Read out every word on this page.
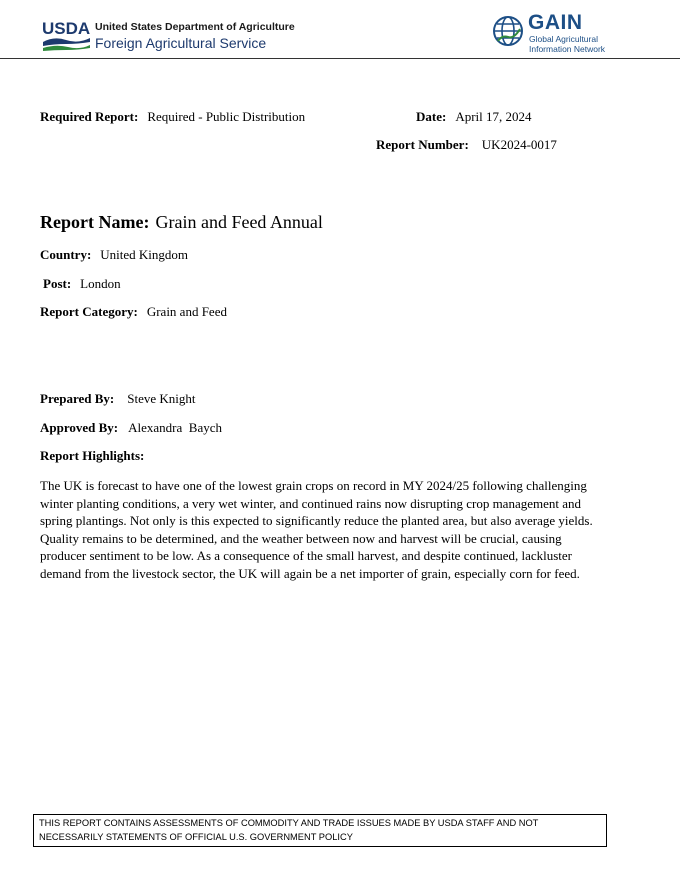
USDA United States Department of Agriculture
Foreign Agricultural Service
GAIN
Global Agricultural
Information Network
Required Report: Required - Public Distribution	Date: April 17, 2024
Report Number: UK2024-0017
Report Name: Grain and Feed Annual
Country: United Kingdom
Post: London
Report Category: Grain and Feed
Prepared By: Steve Knight
Approved By: Alexandra  Baych
Report Highlights:
The UK is forecast to have one of the lowest grain crops on record in MY 2024/25 following challenging winter planting conditions, a very wet winter, and continued rains now disrupting crop management and spring plantings. Not only is this expected to significantly reduce the planted area, but also average yields. Quality remains to be determined, and the weather between now and harvest will be crucial, causing producer sentiment to be low. As a consequence of the small harvest, and despite continued, lackluster demand from the livestock sector, the UK will again be a net importer of grain, especially corn for feed.
THIS REPORT CONTAINS ASSESSMENTS OF COMMODITY AND TRADE ISSUES MADE BY USDA STAFF AND NOT NECESSARILY STATEMENTS OF OFFICIAL U.S. GOVERNMENT POLICY
